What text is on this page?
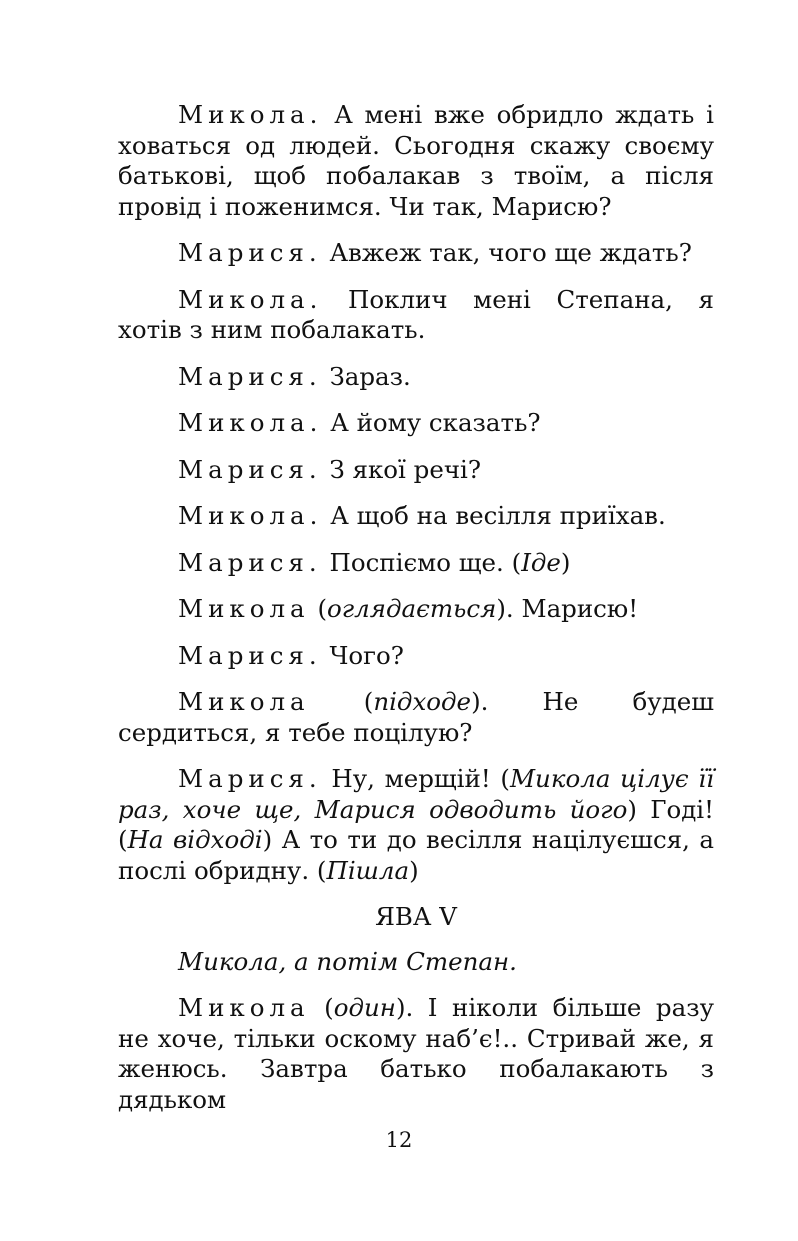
Микола. А мені вже обридло ждать і ховаться од людей. Сьогодня скажу своєму батькові, щоб побалакав з твоїм, а після провід і поженимся. Чи так, Марисю?

Марися. Авжеж так, чого ще ждать?

Микола. Поклич мені Степана, я хотів з ним побалакать.

Марися. Зараз.

Микола. А йому сказать?

Марися. З якої речі?

Микола. А щоб на весілля приїхав.

Марися. Поспіємо ще. (Іде)

Микола (оглядається). Марисю!

Марися. Чого?

Микола (підходе). Не будеш сердиться, я тебе поцілую?

Марися. Ну, мерщій! (Микола цілує її раз, хоче ще, Марися одводить його) Годі! (На відході) А то ти до весілля націлуєшся, а послі обридну. (Пішла)

ЯВА V

Микола, а потім Степан.

Микола (один). І ніколи більше разу не хоче, тільки оскому наб’є!.. Стривай же, я женюсь. Завтра батько побалакають з дядьком

12
